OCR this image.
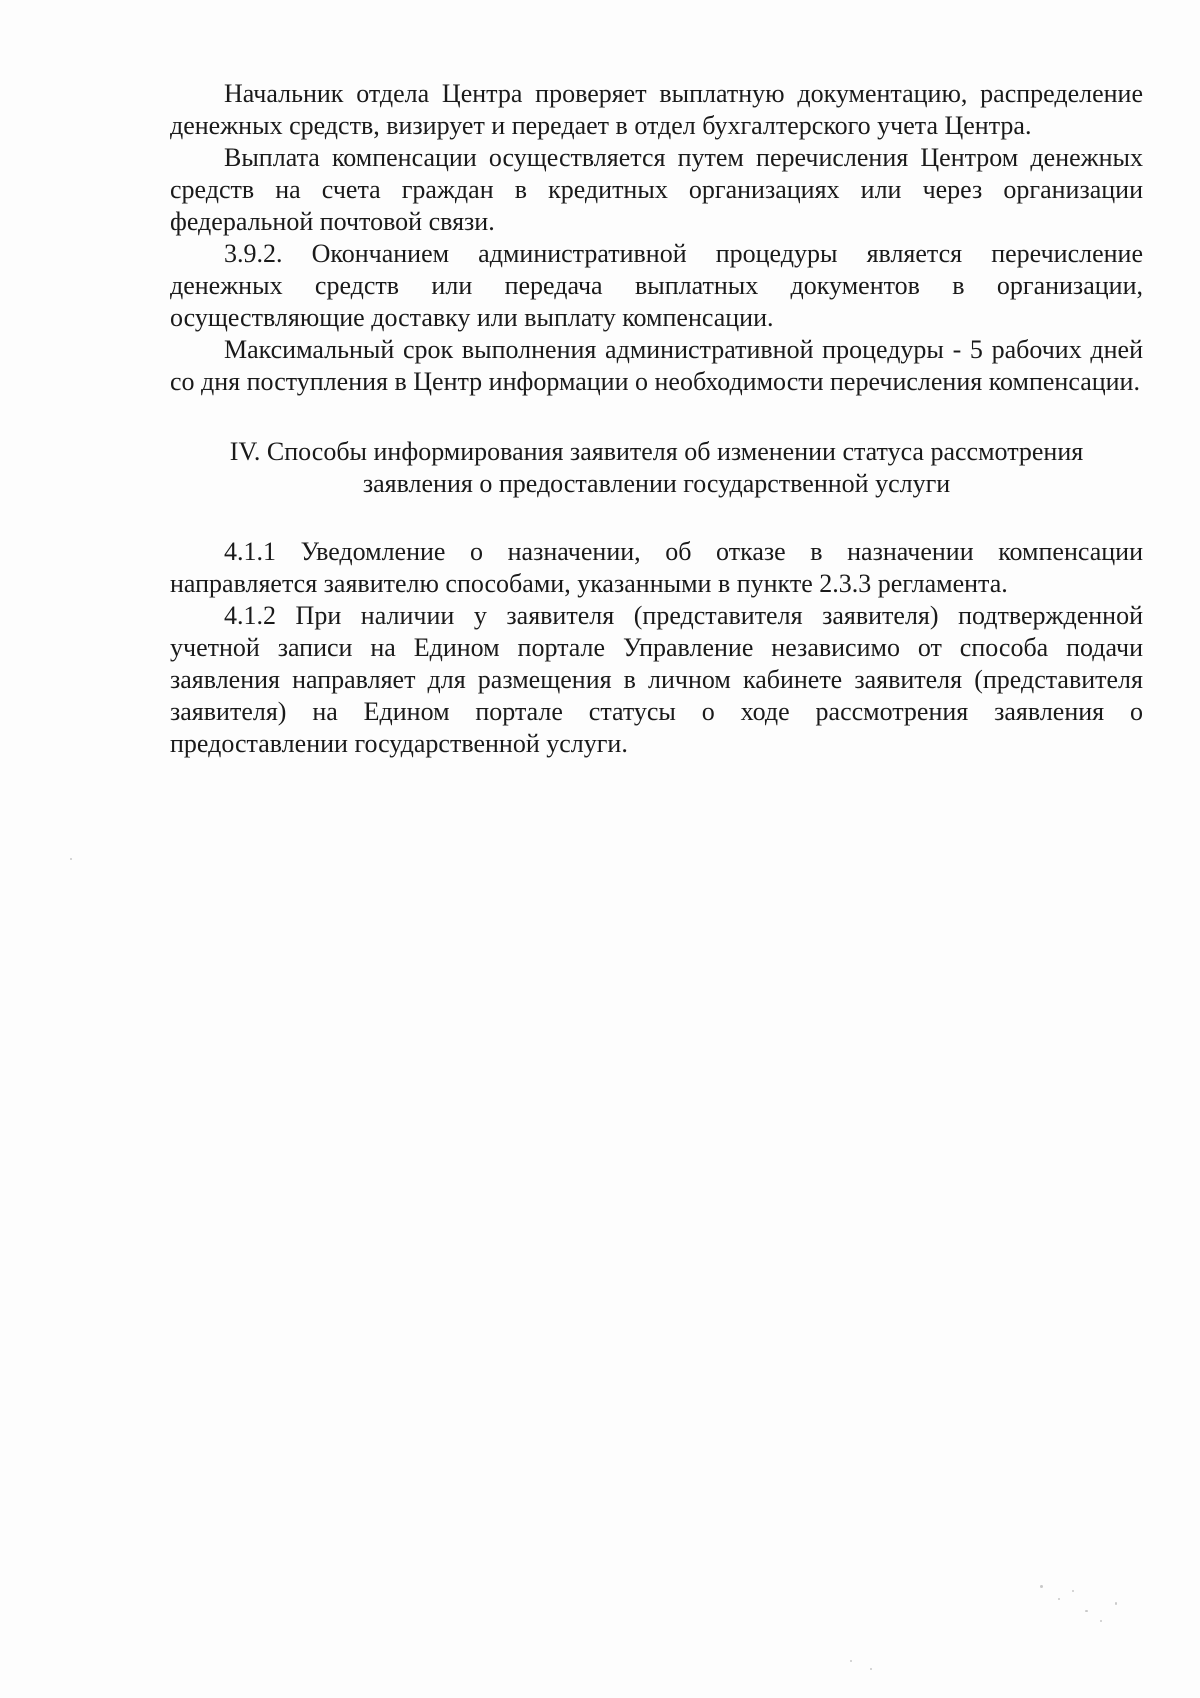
Начальник отдела Центра проверяет выплатную документацию, распределение денежных средств, визирует и передает в отдел бухгалтерского учета Центра.

Выплата компенсации осуществляется путем перечисления Центром денежных средств на счета граждан в кредитных организациях или через организации федеральной почтовой связи.

3.9.2. Окончанием административной процедуры является перечисление денежных средств или передача выплатных документов в организации, осуществляющие доставку или выплату компенсации.

Максимальный срок выполнения административной процедуры - 5 рабочих дней со дня поступления в Центр информации о необходимости перечисления компенсации.

IV. Способы информирования заявителя об изменении статуса рассмотрения
заявления о предоставлении государственной услуги

4.1.1 Уведомление о назначении, об отказе в назначении компенсации направляется заявителю способами, указанными в пункте 2.3.3 регламента.

4.1.2 При наличии у заявителя (представителя заявителя) подтвержденной учетной записи на Едином портале Управление независимо от способа подачи заявления направляет для размещения в личном кабинете заявителя (представителя заявителя) на Едином портале статусы о ходе рассмотрения заявления о предоставлении государственной услуги.
